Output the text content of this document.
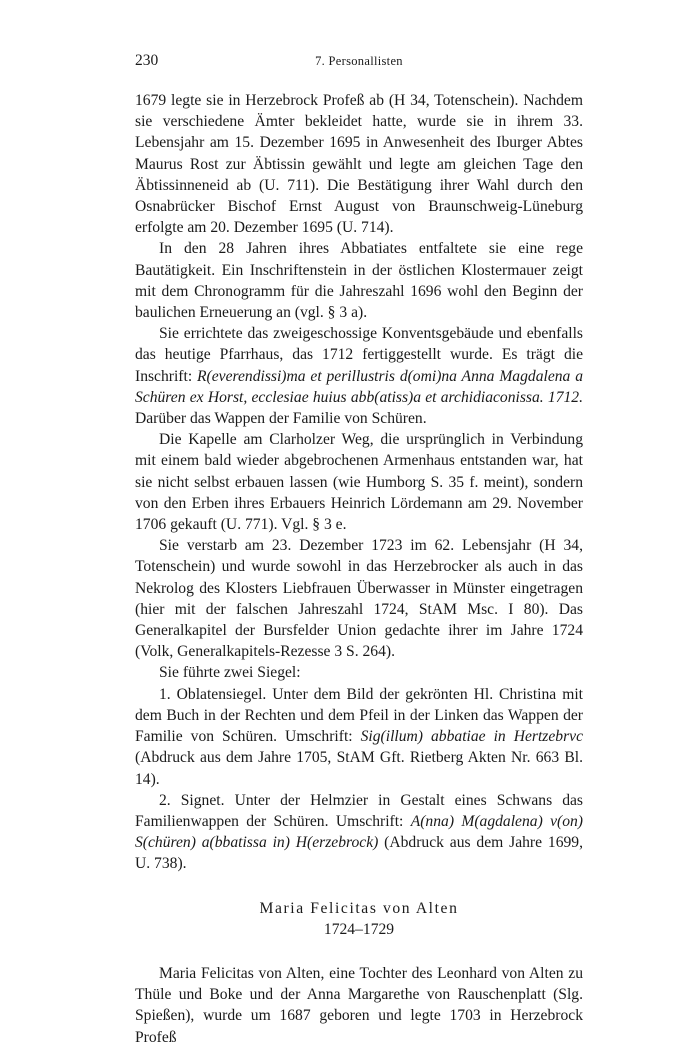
230	7. Personallisten

1679 legte sie in Herzebrock Profeß ab (H 34, Totenschein). Nachdem sie verschiedene Ämter bekleidet hatte, wurde sie in ihrem 33. Lebensjahr am 15. Dezember 1695 in Anwesenheit des Iburger Abtes Maurus Rost zur Äbtissin gewählt und legte am gleichen Tage den Äbtissinneneid ab (U. 711). Die Bestätigung ihrer Wahl durch den Osnabrücker Bischof Ernst August von Braunschweig-Lüneburg erfolgte am 20. Dezember 1695 (U. 714).

In den 28 Jahren ihres Abbatiates entfaltete sie eine rege Bautätigkeit. Ein Inschriftenstein in der östlichen Klostermauer zeigt mit dem Chronogramm für die Jahreszahl 1696 wohl den Beginn der baulichen Erneuerung an (vgl. § 3 a).

Sie errichtete das zweigeschossige Konventsgebäude und ebenfalls das heutige Pfarrhaus, das 1712 fertiggestellt wurde. Es trägt die Inschrift: R(everendissi)ma et perillustris d(omi)na Anna Magdalena a Schüren ex Horst, ecclesiae huius abb(atiss)a et archidiaconissa. 1712. Darüber das Wappen der Familie von Schüren.

Die Kapelle am Clarholzer Weg, die ursprünglich in Verbindung mit einem bald wieder abgebrochenen Armenhaus entstanden war, hat sie nicht selbst erbauen lassen (wie Humborg S. 35 f. meint), sondern von den Erben ihres Erbauers Heinrich Lördemann am 29. November 1706 gekauft (U. 771). Vgl. § 3 e.

Sie verstarb am 23. Dezember 1723 im 62. Lebensjahr (H 34, Totenschein) und wurde sowohl in das Herzebrocker als auch in das Nekrolog des Klosters Liebfrauen Überwasser in Münster eingetragen (hier mit der falschen Jahreszahl 1724, StAM Msc. I 80). Das Generalkapitel der Bursfelder Union gedachte ihrer im Jahre 1724 (Volk, Generalkapitels-Rezesse 3 S. 264).

Sie führte zwei Siegel:

1. Oblatensiegel. Unter dem Bild der gekrönten Hl. Christina mit dem Buch in der Rechten und dem Pfeil in der Linken das Wappen der Familie von Schüren. Umschrift: Sig(illum) abbatiae in Hertzebrvc (Abdruck aus dem Jahre 1705, StAM Gft. Rietberg Akten Nr. 663 Bl. 14).

2. Signet. Unter der Helmzier in Gestalt eines Schwans das Familienwappen der Schüren. Umschrift: A(nna) M(agdalena) v(on) S(chüren) a(bbatissa in) H(erzebrock) (Abdruck aus dem Jahre 1699, U. 738).

Maria Felicitas von Alten
1724–1729

Maria Felicitas von Alten, eine Tochter des Leonhard von Alten zu Thüle und Boke und der Anna Margarethe von Rauschenplatt (Slg. Spießen), wurde um 1687 geboren und legte 1703 in Herzebrock Profeß
